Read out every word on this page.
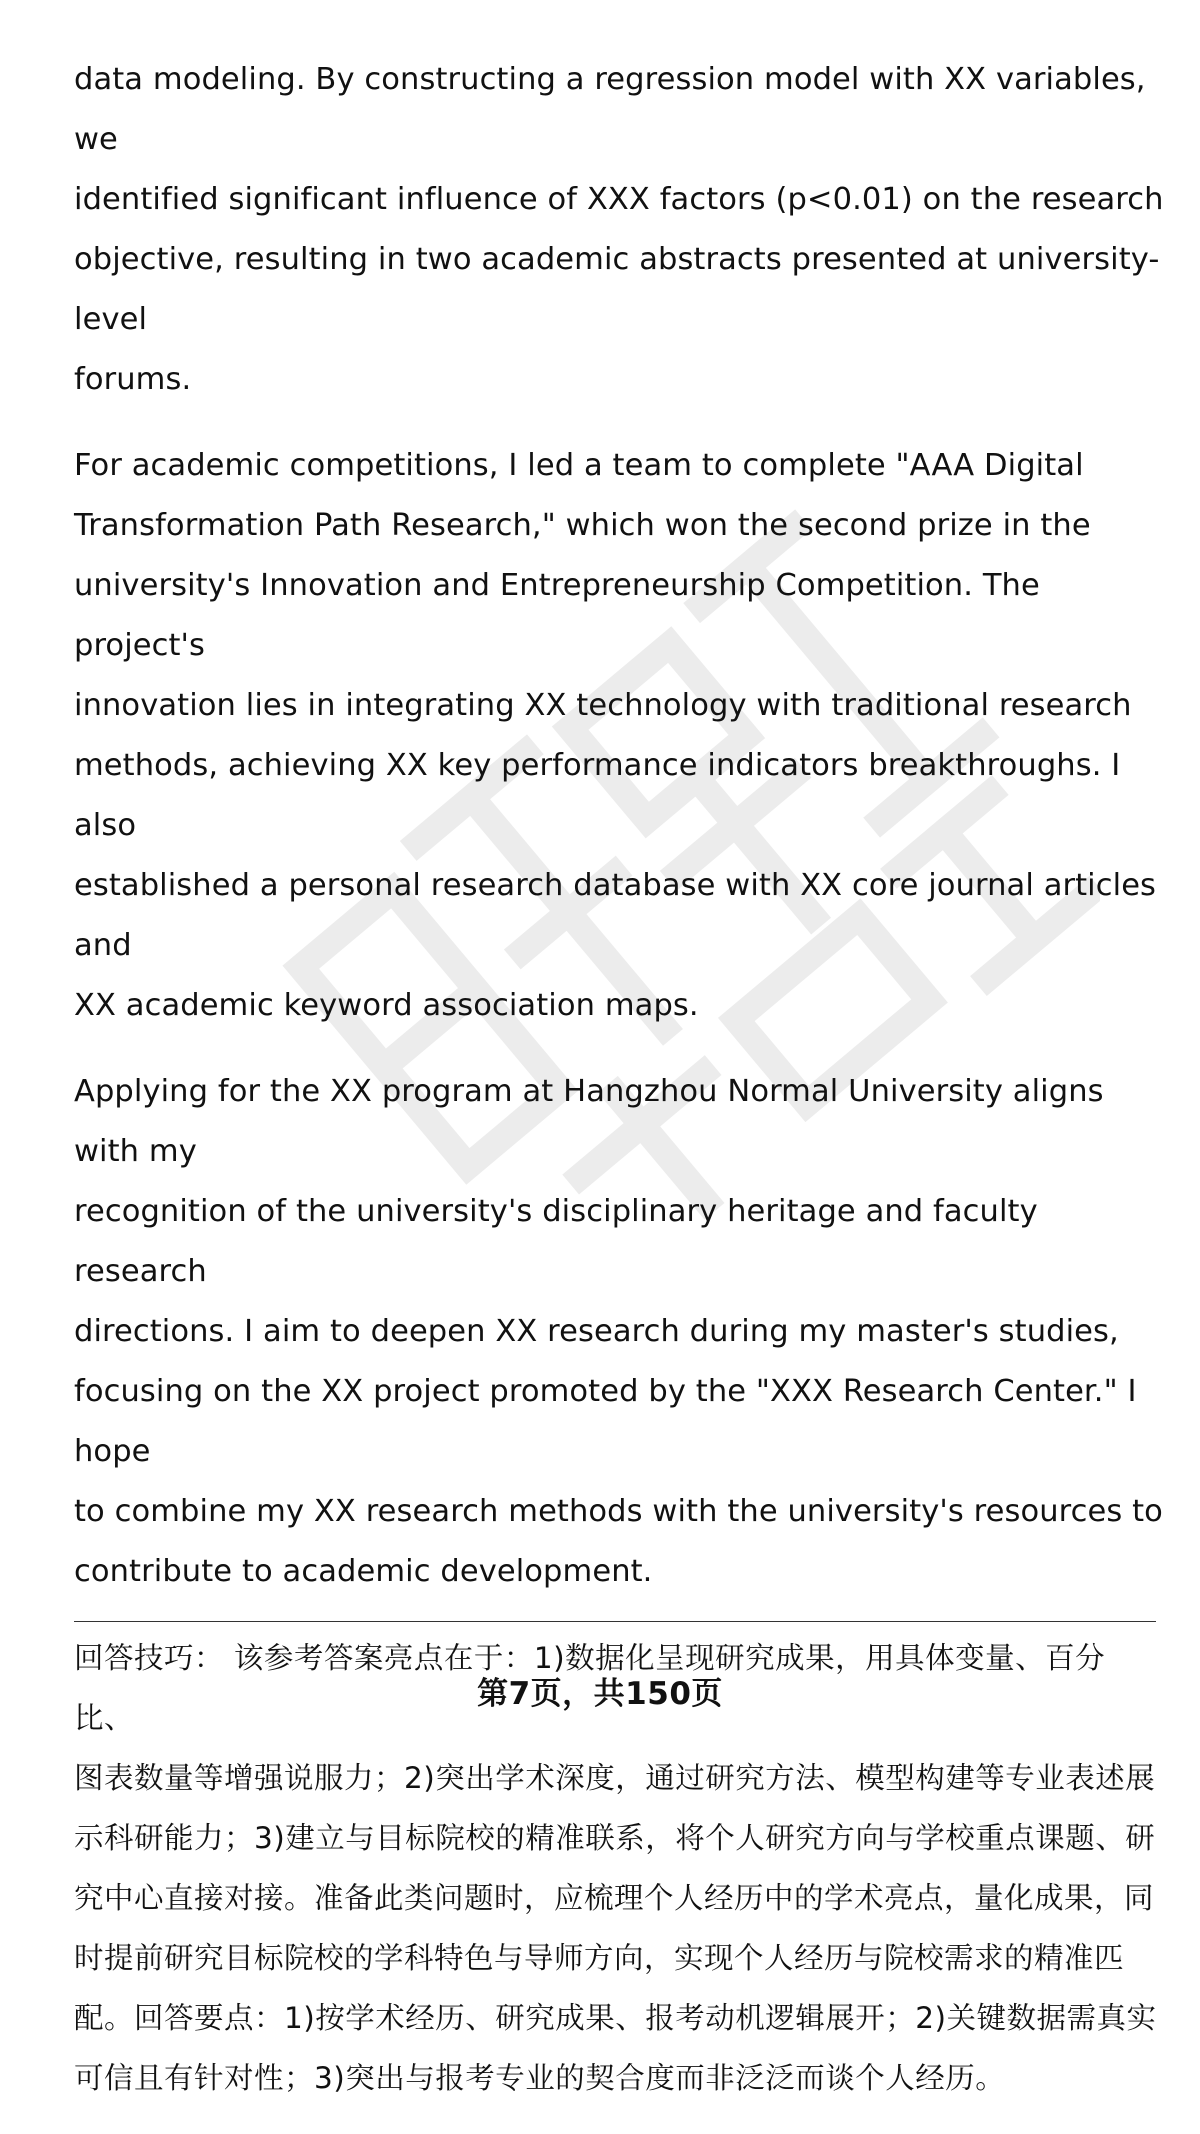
data modeling. By constructing a regression model with XX variables, we
identified significant influence of XXX factors (p<0.01) on the research
objective, resulting in two academic abstracts presented at university-level
forums.

For academic competitions, I led a team to complete "AAA Digital
Transformation Path Research," which won the second prize in the
university's Innovation and Entrepreneurship Competition. The project's
innovation lies in integrating XX technology with traditional research
methods, achieving XX key performance indicators breakthroughs. I also
established a personal research database with XX core journal articles and
XX academic keyword association maps.

Applying for the XX program at Hangzhou Normal University aligns with my
recognition of the university's disciplinary heritage and faculty research
directions. I aim to deepen XX research during my master's studies,
focusing on the XX project promoted by the "XXX Research Center." I hope
to combine my XX research methods with the university's resources to
contribute to academic development.

回答技巧： 该参考答案亮点在于：1)数据化呈现研究成果，用具体变量、百分比、
图表数量等增强说服力；2)突出学术深度，通过研究方法、模型构建等专业表述展
示科研能力；3)建立与目标院校的精准联系，将个人研究方向与学校重点课题、研
究中心直接对接。准备此类问题时，应梳理个人经历中的学术亮点，量化成果，同
时提前研究目标院校的学科特色与导师方向，实现个人经历与院校需求的精准匹
配。回答要点：1)按学术经历、研究成果、报考动机逻辑展开；2)关键数据需真实
可信且有针对性；3)突出与报考专业的契合度而非泛泛而谈个人经历。

第7页，共150页
